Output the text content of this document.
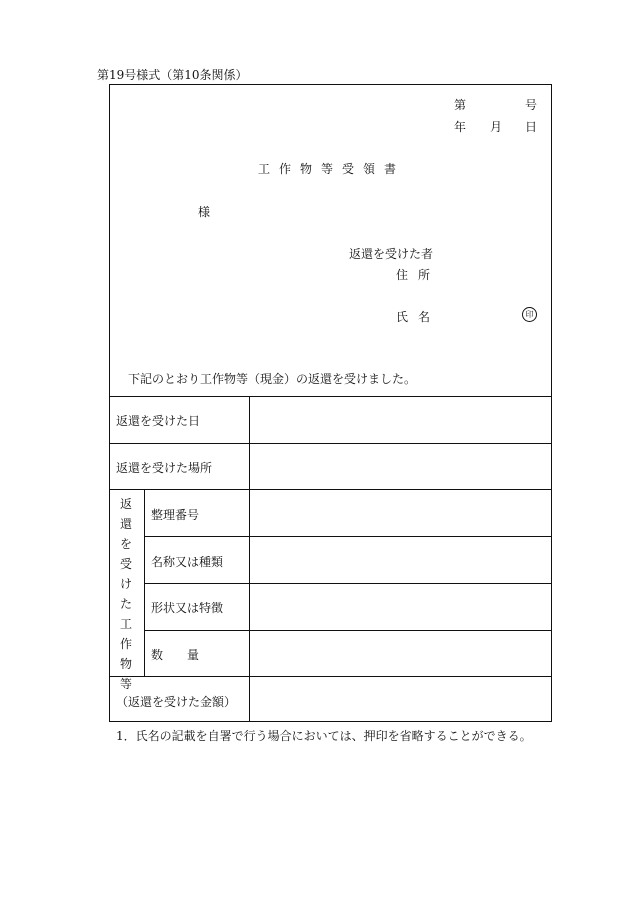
第19号様式（第10条関係）
第	号
年 月 日
工作物等受領書
様
返還を受けた者
住所
氏名	印
下記のとおり工作物等（現金）の返還を受けました。
返還を受けた日
返還を受けた場所
返
還
を
受
け
た
工
作
物
等
整理番号
名称又は種類
形状又は特徴
数　　量
（返還を受けた金額）
1．氏名の記載を自署で行う場合においては、押印を省略することができる。
